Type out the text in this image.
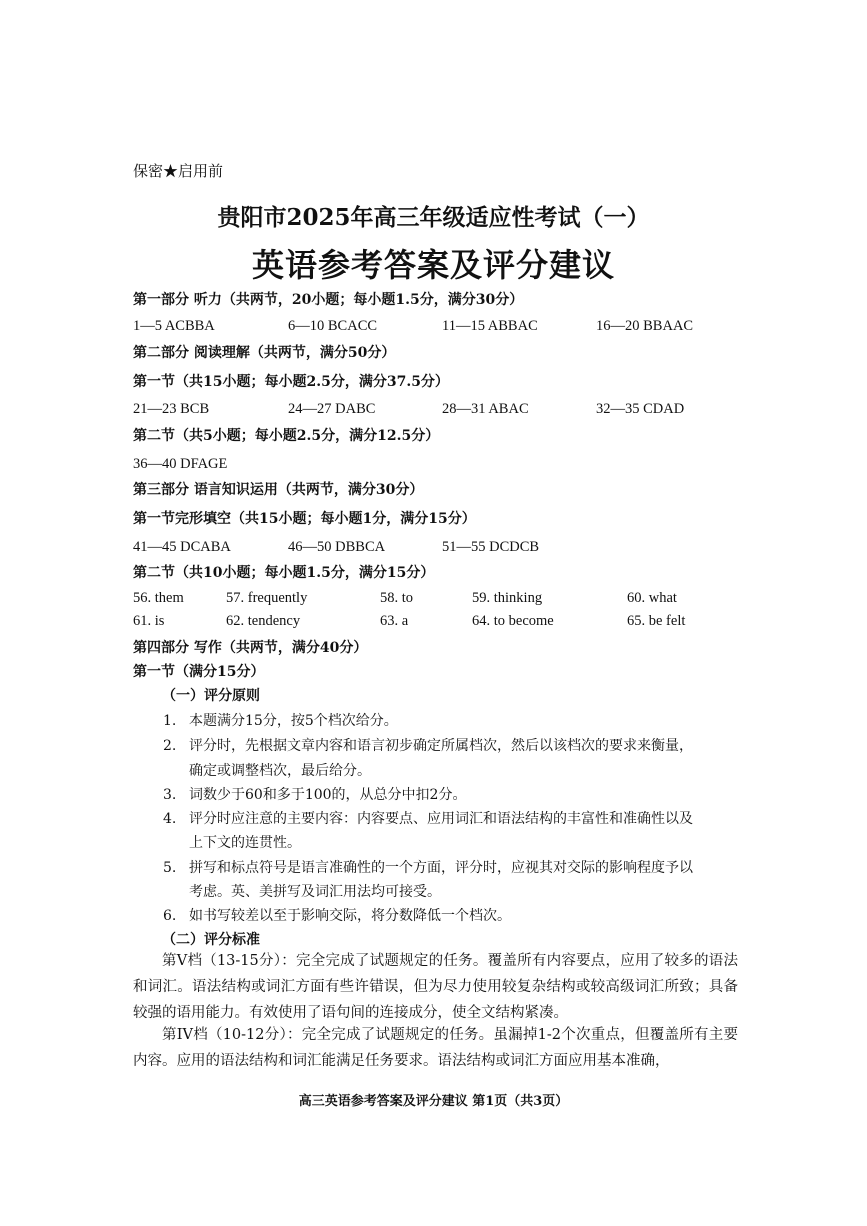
保密★启用前
贵阳市2025年高三年级适应性考试（一）
英语参考答案及评分建议
第一部分 听力（共两节，20小题；每小题1.5分，满分30分）
1—5 ACBBA	6—10 BCACC	11—15 ABBAC	16—20 BBAAC
第二部分 阅读理解（共两节，满分50分）
第一节（共15小题；每小题2.5分，满分37.5分）
21—23 BCB	24—27 DABC	28—31 ABAC	32—35 CDAD
第二节（共5小题；每小题2.5分，满分12.5分）
36—40 DFAGE
第三部分 语言知识运用（共两节，满分30分）
第一节完形填空（共15小题；每小题1分，满分15分）
41—45 DCABA	46—50 DBBCA	51—55 DCDCB
第二节（共10小题；每小题1.5分，满分15分）
56. them	57. frequently	58. to	59. thinking	60. what
61. is	62. tendency	63. a	64. to become	65. be felt
第四部分 写作（共两节，满分40分）
第一节（满分15分）
（一）评分原则
1. 本题满分15分，按5个档次给分。
2. 评分时，先根据文章内容和语言初步确定所属档次，然后以该档次的要求来衡量，
确定或调整档次，最后给分。
3. 词数少于60和多于100的，从总分中扣2分。
4. 评分时应注意的主要内容：内容要点、应用词汇和语法结构的丰富性和准确性以及
上下文的连贯性。
5. 拼写和标点符号是语言准确性的一个方面，评分时，应视其对交际的影响程度予以
考虑。英、美拼写及词汇用法均可接受。
6. 如书写较差以至于影响交际，将分数降低一个档次。
（二）评分标准
第V档（13-15分）：完全完成了试题规定的任务。覆盖所有内容要点，应用了较多的语法和词汇。语法结构或词汇方面有些许错误，但为尽力使用较复杂结构或较高级词汇所致；具备较强的语用能力。有效使用了语句间的连接成分，使全文结构紧凑。
第IV档（10-12分）：完全完成了试题规定的任务。虽漏掉1-2个次重点，但覆盖所有主要内容。应用的语法结构和词汇能满足任务要求。语法结构或词汇方面应用基本准确，
高三英语参考答案及评分建议 第1页（共3页）
